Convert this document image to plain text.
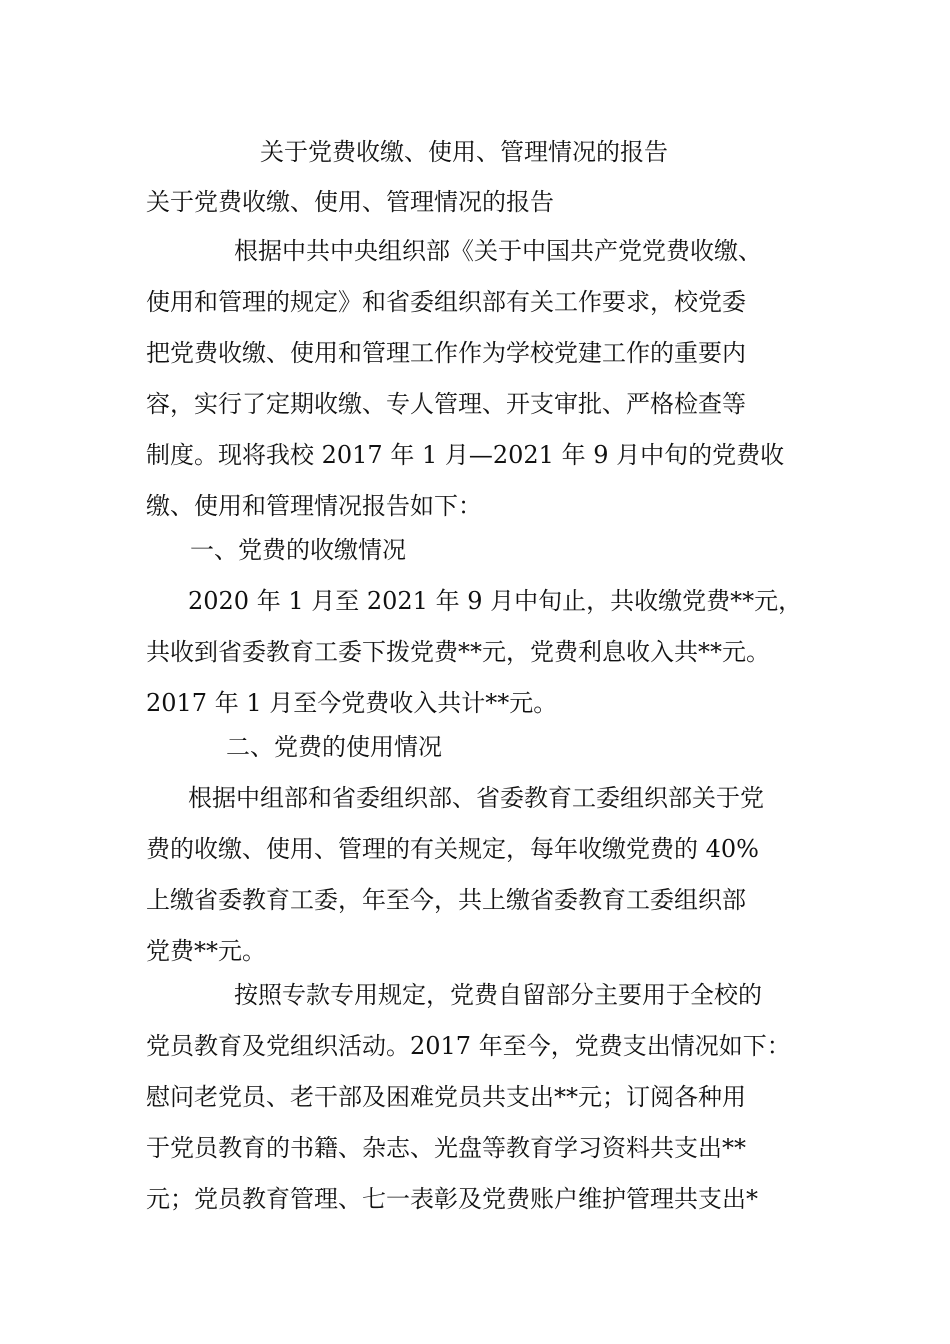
关于党费收缴、使用、管理情况的报告
关于党费收缴、使用、管理情况的报告
根据中共中央组织部《关于中国共产党党费收缴、
使用和管理的规定》和省委组织部有关工作要求，校党委
把党费收缴、使用和管理工作作为学校党建工作的重要内
容，实行了定期收缴、专人管理、开支审批、严格检查等
制度。现将我校 2017 年 1 月—2021 年 9 月中旬的党费收
缴、使用和管理情况报告如下：
一、党费的收缴情况
2020 年 1 月至 2021 年 9 月中旬止，共收缴党费**元，
共收到省委教育工委下拨党费**元，党费利息收入共**元。
2017 年 1 月至今党费收入共计**元。
二、党费的使用情况
根据中组部和省委组织部、省委教育工委组织部关于党
费的收缴、使用、管理的有关规定，每年收缴党费的 40%
上缴省委教育工委，年至今，共上缴省委教育工委组织部
党费**元。
按照专款专用规定，党费自留部分主要用于全校的
党员教育及党组织活动。2017 年至今，党费支出情况如下：
慰问老党员、老干部及困难党员共支出**元；订阅各种用
于党员教育的书籍、杂志、光盘等教育学习资料共支出**
元；党员教育管理、七一表彰及党费账户维护管理共支出*
